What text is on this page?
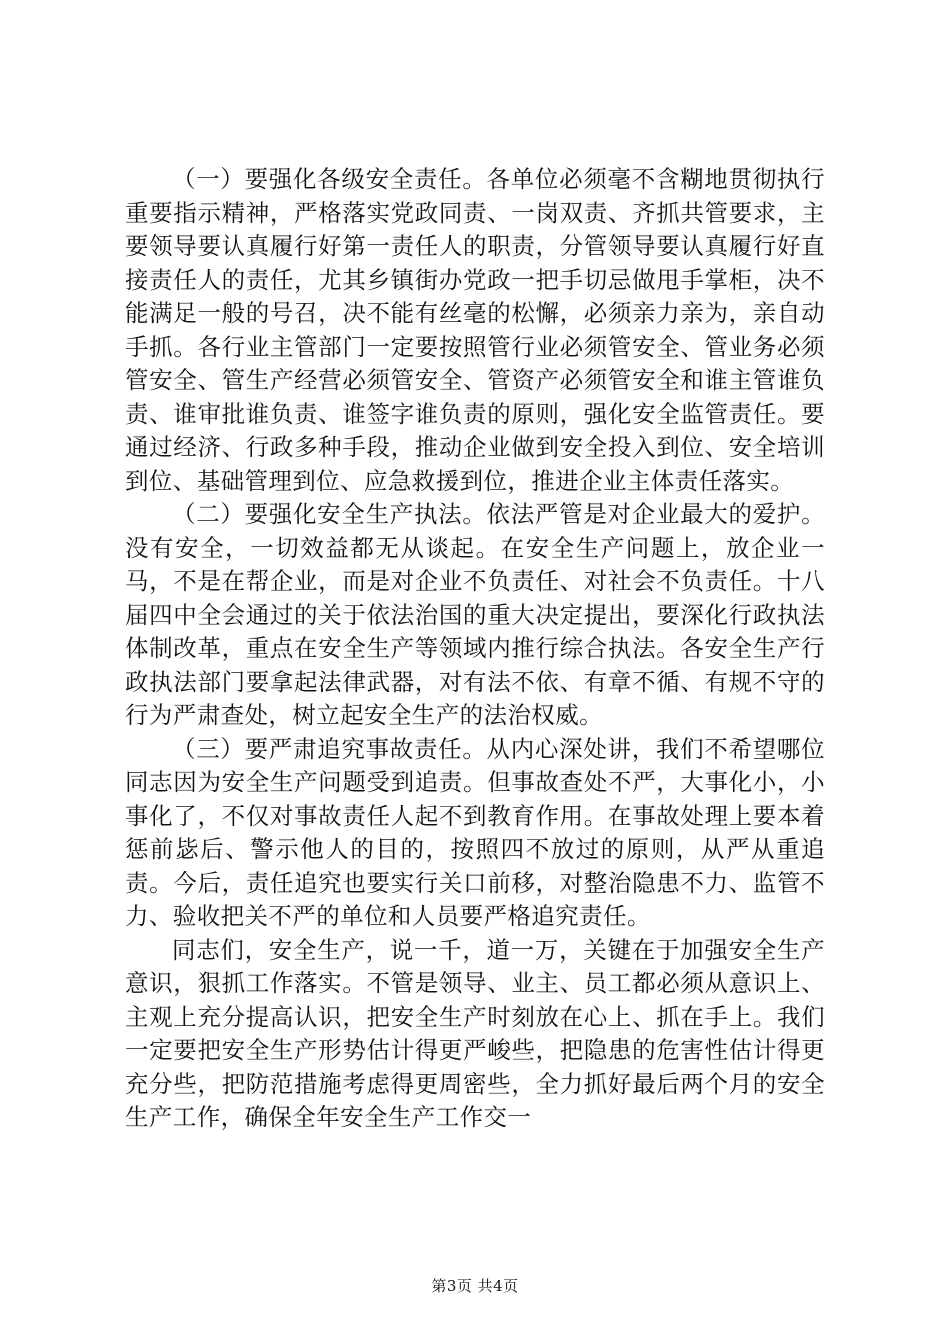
（一）要强化各级安全责任。各单位必须毫不含糊地贯彻执行重要指示精神，严格落实党政同责、一岗双责、齐抓共管要求，主要领导要认真履行好第一责任人的职责，分管领导要认真履行好直接责任人的责任，尤其乡镇街办党政一把手切忌做甩手掌柜，决不能满足一般的号召，决不能有丝毫的松懈，必须亲力亲为，亲自动手抓。各行业主管部门一定要按照管行业必须管安全、管业务必须管安全、管生产经营必须管安全、管资产必须管安全和谁主管谁负责、谁审批谁负责、谁签字谁负责的原则，强化安全监管责任。要通过经济、行政多种手段，推动企业做到安全投入到位、安全培训到位、基础管理到位、应急救援到位，推进企业主体责任落实。

（二）要强化安全生产执法。依法严管是对企业最大的爱护。没有安全，一切效益都无从谈起。在安全生产问题上，放企业一马，不是在帮企业，而是对企业不负责任、对社会不负责任。十八届四中全会通过的关于依法治国的重大决定提出，要深化行政执法体制改革，重点在安全生产等领域内推行综合执法。各安全生产行政执法部门要拿起法律武器，对有法不依、有章不循、有规不守的行为严肃查处，树立起安全生产的法治权威。

（三）要严肃追究事故责任。从内心深处讲，我们不希望哪位同志因为安全生产问题受到追责。但事故查处不严，大事化小，小事化了，不仅对事故责任人起不到教育作用。在事故处理上要本着惩前毖后、警示他人的目的，按照四不放过的原则，从严从重追责。今后，责任追究也要实行关口前移，对整治隐患不力、监管不力、验收把关不严的单位和人员要严格追究责任。

同志们，安全生产，说一千，道一万，关键在于加强安全生产意识，狠抓工作落实。不管是领导、业主、员工都必须从意识上、主观上充分提高认识，把安全生产时刻放在心上、抓在手上。我们一定要把安全生产形势估计得更严峻些，把隐患的危害性估计得更充分些，把防范措施考虑得更周密些，全力抓好最后两个月的安全生产工作，确保全年安全生产工作交一

第3页 共4页
